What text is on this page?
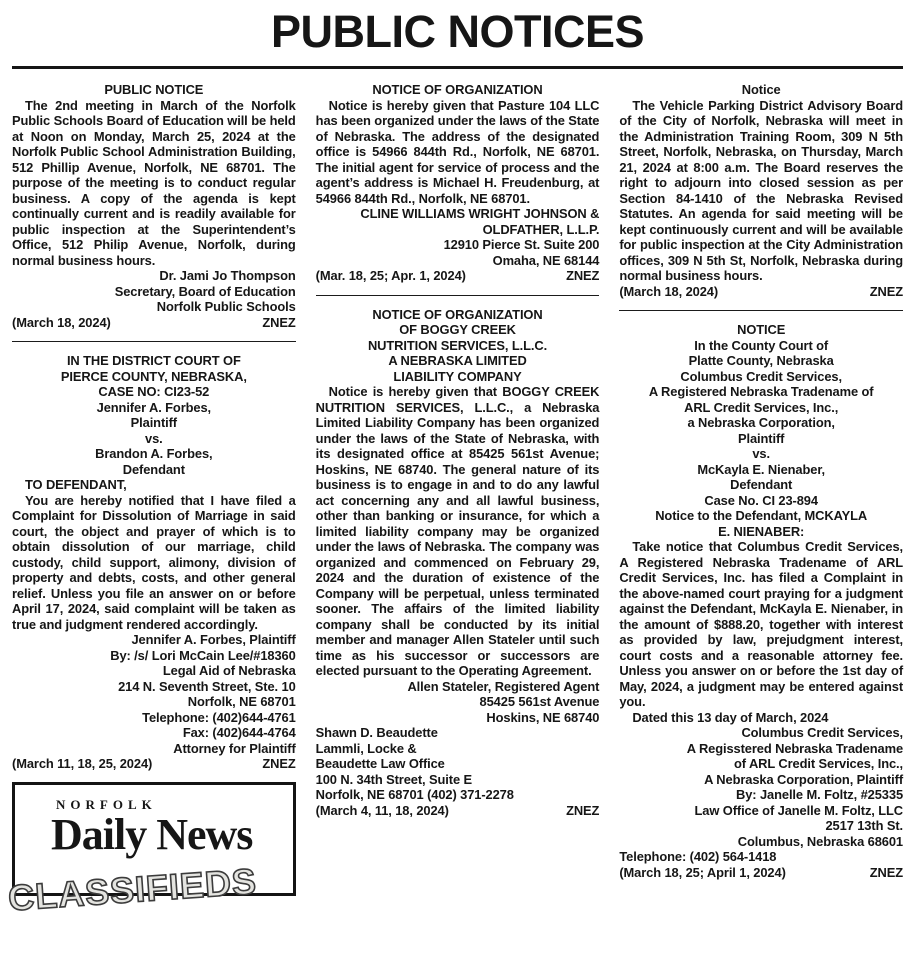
PUBLIC NOTICES
PUBLIC NOTICE

The 2nd meeting in March of the Norfolk Public Schools Board of Education will be held at Noon on Monday, March 25, 2024 at the Norfolk Public School Administration Building, 512 Phillip Avenue, Norfolk, NE 68701. The purpose of the meeting is to conduct regular business. A copy of the agenda is kept continually current and is readily available for public inspection at the Superintendent’s Office, 512 Philip Avenue, Norfolk, during normal business hours.

Dr. Jami Jo Thompson
Secretary, Board of Education
Norfolk Public Schools
(March 18, 2024)	ZNEZ
IN THE DISTRICT COURT OF
PIERCE COUNTY, NEBRASKA,
CASE NO: CI23-52
Jennifer A. Forbes,
Plaintiff
vs.
Brandon A. Forbes,
Defendant

TO DEFENDANT,

You are hereby notified that I have filed a Complaint for Dissolution of Marriage in said court, the object and prayer of which is to obtain dissolution of our marriage, child custody, child support, alimony, division of property and debts, costs, and other general relief. Unless you file an answer on or before April 17, 2024, said complaint will be taken as true and judgment rendered accordingly.

Jennifer A. Forbes, Plaintiff
By: /s/ Lori McCain Lee/#18360
Legal Aid of Nebraska
214 N. Seventh Street, Ste. 10
Norfolk, NE 68701
Telephone: (402)644-4761
Fax: (402)644-4764
Attorney for Plaintiff
(March 11, 18, 25, 2024)	ZNEZ
NORFOLK
Daily News
CLASSIFIEDS
NOTICE OF ORGANIZATION

Notice is hereby given that Pasture 104 LLC has been organized under the laws of the State of Nebraska. The address of the designated office is 54966 844th Rd., Norfolk, NE 68701. The initial agent for service of process and the agent’s address is Michael H. Freudenburg, at 54966 844th Rd., Norfolk, NE 68701.

CLINE WILLIAMS WRIGHT JOHNSON &
OLDFATHER, L.L.P.
12910 Pierce St. Suite 200
Omaha, NE 68144
(Mar. 18, 25; Apr. 1, 2024)	ZNEZ
NOTICE OF ORGANIZATION
OF BOGGY CREEK
NUTRITION SERVICES, L.L.C.
A NEBRASKA LIMITED
LIABILITY COMPANY

Notice is hereby given that BOGGY CREEK NUTRITION SERVICES, L.L.C., a Nebraska Limited Liability Company has been organized under the laws of the State of Nebraska, with its designated office at 85425 561st Avenue; Hoskins, NE 68740. The general nature of its business is to engage in and to do any lawful act concerning any and all lawful business, other than banking or insurance, for which a limited liability company may be organized under the laws of Nebraska. The company was organized and commenced on February 29, 2024 and the duration of existence of the Company will be perpetual, unless terminated sooner. The affairs of the limited liability company shall be conducted by its initial member and manager Allen Stateler until such time as his successor or successors are elected pursuant to the Operating Agreement.

Allen Stateler, Registered Agent
85425 561st Avenue
Hoskins, NE 68740
Shawn D. Beaudette
Lammli, Locke &
Beaudette Law Office
100 N. 34th Street, Suite E
Norfolk, NE 68701 (402) 371-2278
(March 4, 11, 18, 2024)	ZNEZ
Notice

The Vehicle Parking District Advisory Board of the City of Norfolk, Nebraska will meet in the Administration Training Room, 309 N 5th Street, Norfolk, Nebraska, on Thursday, March 21, 2024 at 8:00 a.m. The Board reserves the right to adjourn into closed session as per Section 84-1410 of the Nebraska Revised Statutes. An agenda for said meeting will be kept continuously current and will be available for public inspection at the City Administration offices, 309 N 5th St, Norfolk, Nebraska during normal business hours.

(March 18, 2024)	ZNEZ
NOTICE
In the County Court of
Platte County, Nebraska
Columbus Credit Services,
A Registered Nebraska Tradename of
ARL Credit Services, Inc.,
a Nebraska Corporation,
Plaintiff
vs.
McKayla E. Nienaber,
Defendant
Case No. CI 23-894
Notice to the Defendant, MCKAYLA
E. NIENABER:

Take notice that Columbus Credit Services, A Registered Nebraska Tradename of ARL Credit Services, Inc. has filed a Complaint in the above-named court praying for a judgment against the Defendant, McKayla E. Nienaber, in the amount of $888.20, together with interest as provided by law, prejudgment interest, court costs and a reasonable attorney fee. Unless you answer on or before the 1st day of May, 2024, a judgment may be entered against you.

Dated this 13 day of March, 2024

Columbus Credit Services,
A Regisstered Nebraska Tradename
of ARL Credit Services, Inc.,
A Nebraska Corporation, Plaintiff
By: Janelle M. Foltz, #25335
Law Office of Janelle M. Foltz, LLC
2517 13th St.
Columbus, Nebraska 68601
Telephone: (402) 564-1418
(March 18, 25; April 1, 2024)	ZNEZ
